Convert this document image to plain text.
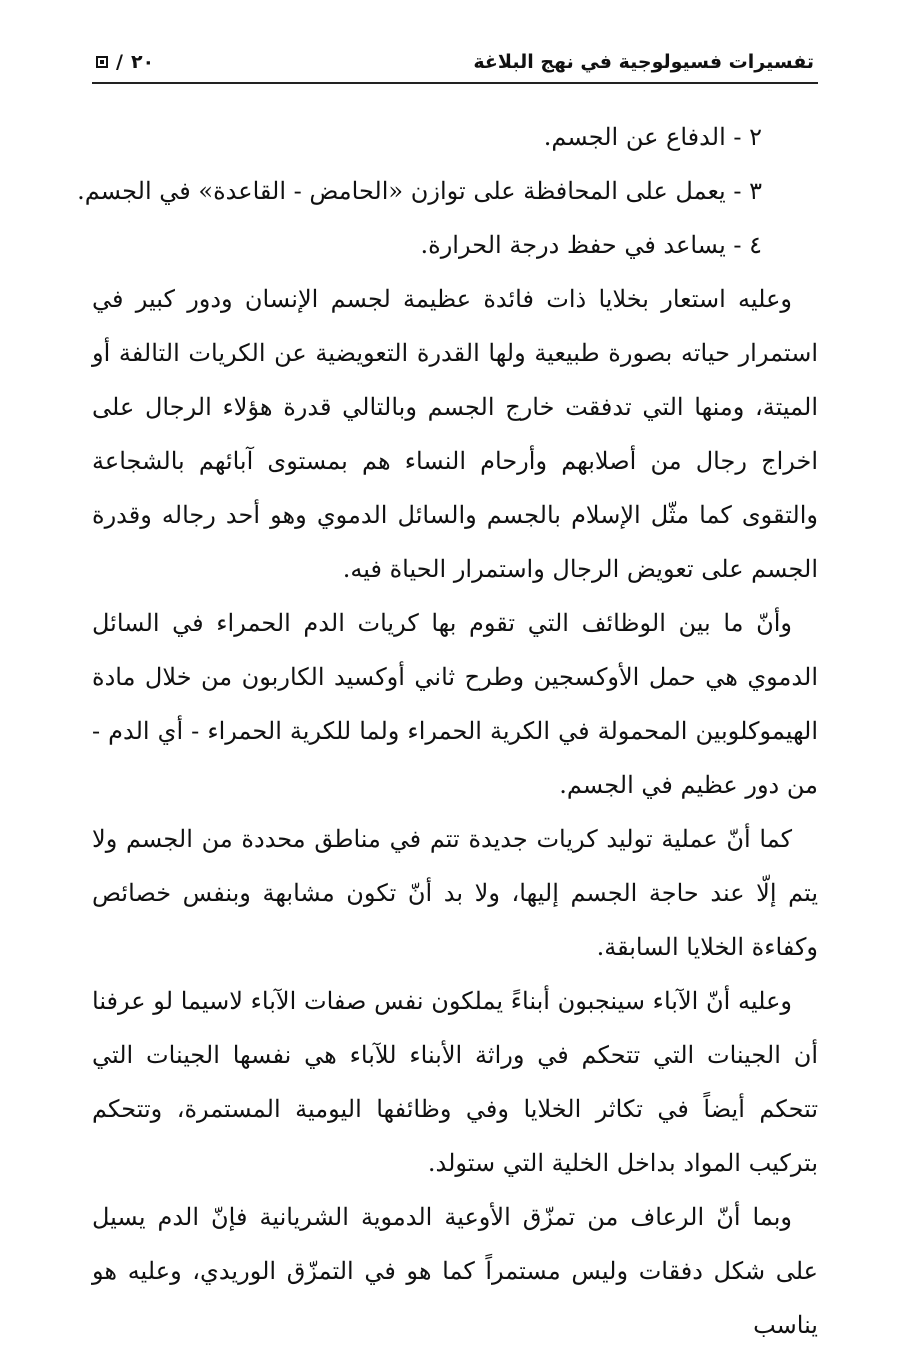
تفسيرات فسيولوجية في نهج البلاغة
٢٠
/

٢ - الدفاع عن الجسم.

٣ - يعمل على المحافظة على توازن «الحامض - القاعدة» في الجسم.

٤ - يساعد في حفظ درجة الحرارة.

وعليه استعار بخلايا ذات فائدة عظيمة لجسم الإنسان ودور كبير في استمرار حياته بصورة طبيعية ولها القدرة التعويضية عن الكريات التالفة أو الميتة، ومنها التي تدفقت خارج الجسم وبالتالي قدرة هؤلاء الرجال على اخراج رجال من أصلابهم وأرحام النساء هم بمستوى آبائهم بالشجاعة والتقوى كما مثّل الإسلام بالجسم والسائل الدموي وهو أحد رجاله وقدرة الجسم على تعويض الرجال واستمرار الحياة فيه.

وأنّ ما بين الوظائف التي تقوم بها كريات الدم الحمراء في السائل الدموي هي حمل الأوكسجين وطرح ثاني أوكسيد الكاربون من خلال مادة الهيموكلوبين المحمولة في الكرية الحمراء ولما للكرية الحمراء - أي الدم - من دور عظيم في الجسم.

كما أنّ عملية توليد كريات جديدة تتم في مناطق محددة من الجسم ولا يتم إلّا عند حاجة الجسم إليها، ولا بد أنّ تكون مشابهة وبنفس خصائص وكفاءة الخلايا السابقة.

وعليه أنّ الآباء سينجبون أبناءً يملكون نفس صفات الآباء لاسيما لو عرفنا أن الجينات التي تتحكم في وراثة الأبناء للآباء هي نفسها الجينات التي تتحكم أيضاً في تكاثر الخلايا وفي وظائفها اليومية المستمرة، وتتحكم بتركيب المواد بداخل الخلية التي ستولد.

وبما أنّ الرعاف من تمزّق الأوعية الدموية الشريانية فإنّ الدم يسيل على شكل دفقات وليس مستمراً كما هو في التمزّق الوريدي، وعليه هو يناسب
